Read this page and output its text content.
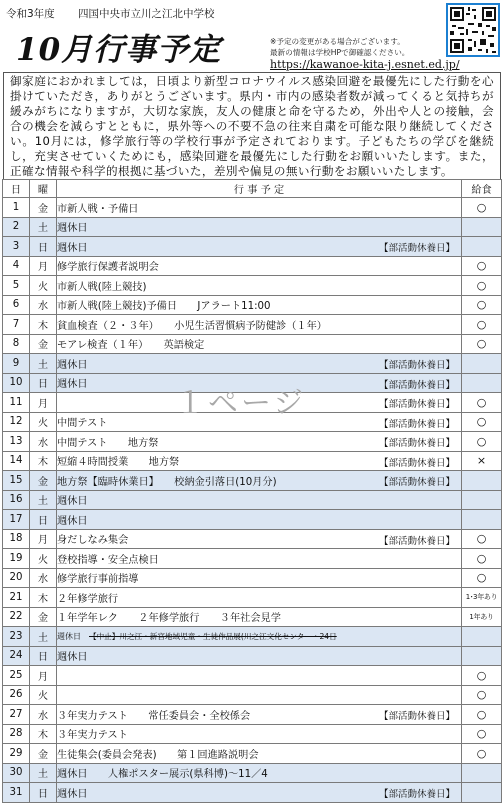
令和3年度 四国中央市立川之江北中学校
10月行事予定	※予定の変更がある場合がございます。
最新の情報は学校HPで御確認ください。
https://kawanoe-kita-j.esnet.ed.jp/
御家庭におかれましては，日頃より新型コロナウイルス感染回避を最優先にした行動を心掛けていただき，ありがとうございます。県内・市内の感染者数が減ってくると気持ちが緩みがちになりますが，大切な家族，友人の健康と命を守るため，外出や人との接触，会合の機会を減らすとともに，県外等への不要不急の往来自粛を可能な限り継続してください。10月には，修学旅行等の学校行事が予定されております。子どもたちの学びを継続し，充実させていくためにも，感染回避を最優先にした行動をお願いいたします。また，正確な情報や科学的根拠に基づいた，差別や偏見の無い行動をお願いいたします。
日	曜	行 事 予 定	給食
1	金	市新人戦・予備日	○
2	土	週休日	
3	日	週休日 【部活動休養日】	

4	月	修学旅行保護者説明会	○
5	火	市新人戦(陸上競技)	○
6	水	市新人戦(陸上競技)予備日　　Jアラート11:00	○
7	木	貧血検査（２・３年）　　小児生活習慣病予防健診（１年）	○
8	金	モアレ検査（１年）　　英語検定	○
9	土	週休日 【部活動休養日】	

10	日	週休日 【部活動休養日】	

11	月	【部活動休養日】	○
12	火	中間テスト 【部活動休養日】	○
13	水	中間テスト　　地方祭 【部活動休養日】	○
14	木	短縮４時間授業　　地方祭 【部活動休養日】	×
15	金	地方祭【臨時休業日】　　校納金引落日(10月分) 【部活動休養日】	

16	土	週休日	
17	日	週休日	
18	月	身だしなみ集会 【部活動休養日】	○
19	火	登校指導・安全点検日	○
20	水	修学旅行事前指導	○
21	木	２年修学旅行	1･3年あり
22	金	１年学年レク　　２年修学旅行　　３年社会見学	1年あり
23	土	週休日 【中止】川之江・新宮地域児童・生徒作品展(川之江文化センター・24日	
24	日	週休日	
25	月		○
26	火		○
27	水	３年実力テスト　　常任委員会・全校係会 【部活動休養日】	○
28	木	３年実力テスト	○
29	金	生徒集会(委員会発表)　　第１回進路説明会	○
30	土	週休日　　人権ポスター展示(県科博)～11／4	
31	日	週休日 【部活動休養日】	

１ページ
